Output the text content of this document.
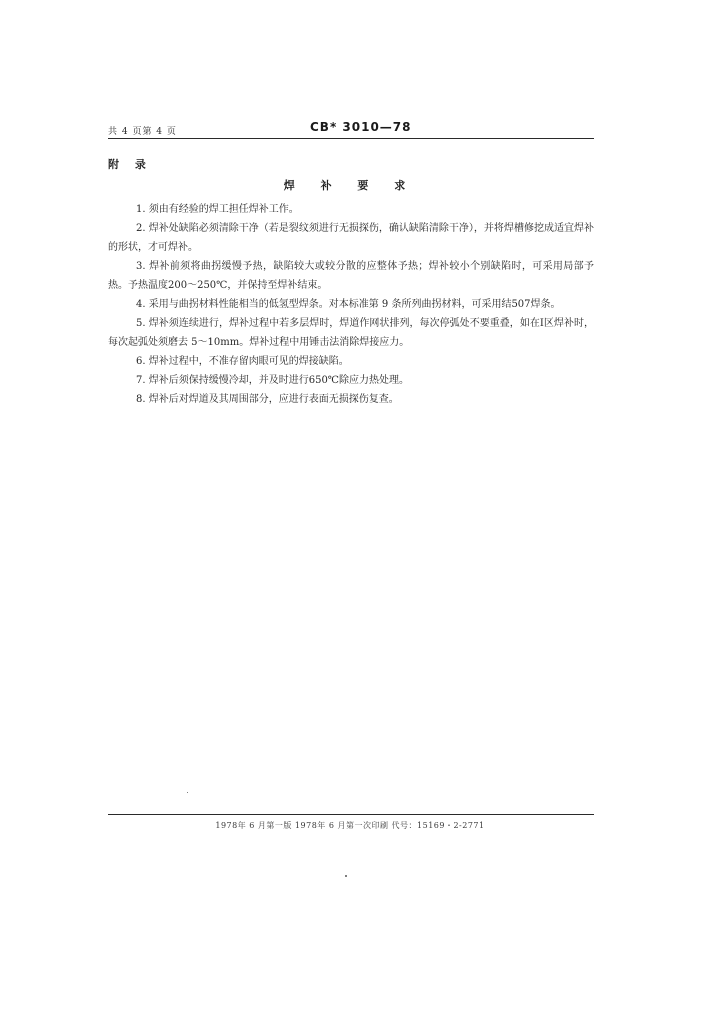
共 4 页第 4 页	CB* 3010—78
附 录
焊 补 要 求

1. 须由有经验的焊工担任焊补工作。

2. 焊补处缺陷必须清除干净（若是裂纹须进行无损探伤，确认缺陷清除干净），并将焊槽修挖成适宜焊补的形状，才可焊补。

3. 焊补前须将曲拐缓慢予热，缺陷较大或较分散的应整体予热；焊补较小个别缺陷时，可采用局部予热。予热温度200～250℃，并保持至焊补结束。

4. 采用与曲拐材料性能相当的低氢型焊条。对本标准第 9 条所列曲拐材料，可采用结507焊条。

5. 焊补须连续进行，焊补过程中若多层焊时，焊道作网状排列，每次停弧处不要重叠，如在Ⅰ区焊补时，每次起弧处须磨去 5～10mm。焊补过程中用锤击法消除焊接应力。

6. 焊补过程中，不准存留肉眼可见的焊接缺陷。

7. 焊补后须保持缓慢冷却，并及时进行650℃除应力热处理。

8. 焊补后对焊道及其周围部分，应进行表面无损探伤复查。

1978年 6 月第一版 1978年 6 月第一次印刷 代号：15169・2-2771
